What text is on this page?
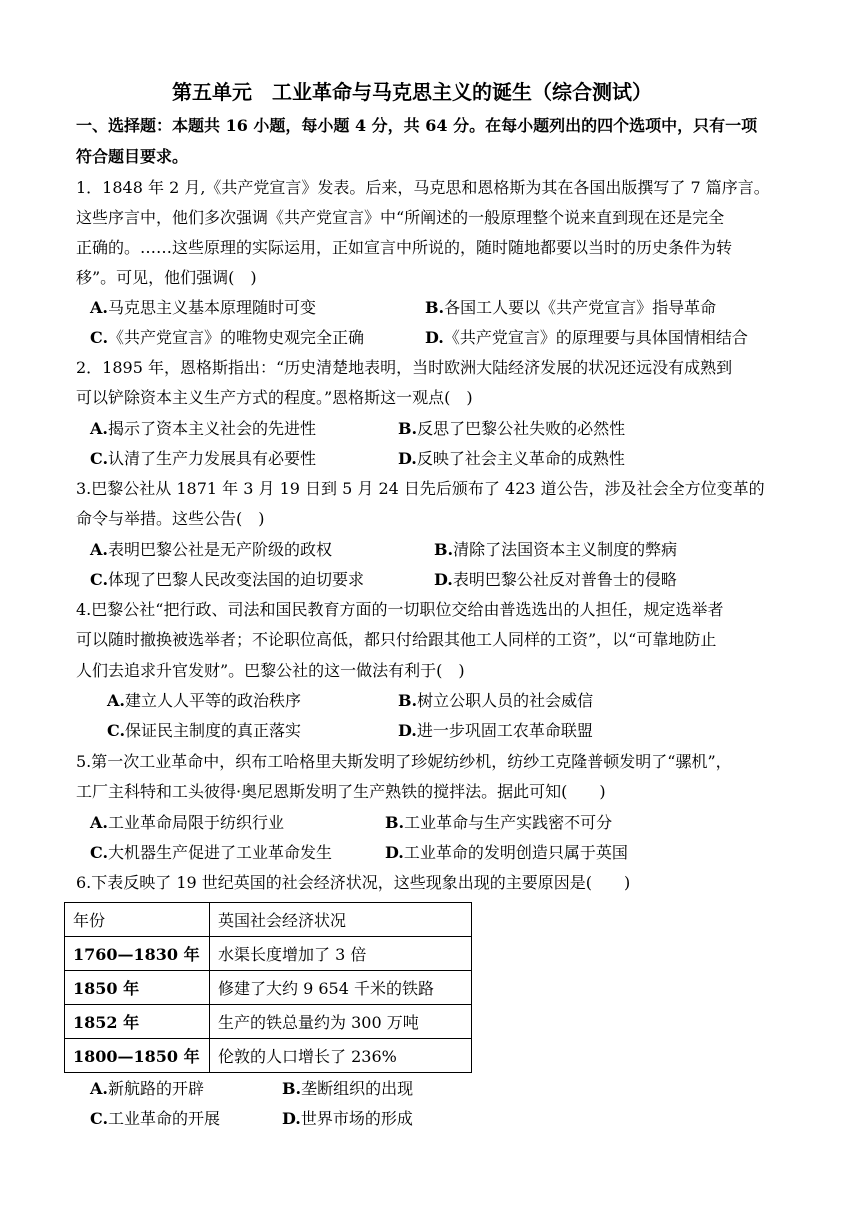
第五单元　工业革命与马克思主义的诞生（综合测试）
一、选择题：本题共 16 小题，每小题 4 分，共 64 分。在每小题列出的四个选项中，只有一项
符合题目要求。
1．1848 年 2 月,《共产党宣言》发表。后来，马克思和恩格斯为其在各国出版撰写了 7 篇序言。
这些序言中，他们多次强调《共产党宣言》中“所阐述的一般原理整个说来直到现在还是完全
正确的。……这些原理的实际运用，正如宣言中所说的，随时随地都要以当时的历史条件为转
移”。可见，他们强调(　)
A.马克思主义基本原理随时可变	B.各国工人要以《共产党宣言》指导革命
C.《共产党宣言》的唯物史观完全正确	D.《共产党宣言》的原理要与具体国情相结合
2．1895 年，恩格斯指出：“历史清楚地表明，当时欧洲大陆经济发展的状况还远没有成熟到
可以铲除资本主义生产方式的程度。”恩格斯这一观点(　)
A.揭示了资本主义社会的先进性	B.反思了巴黎公社失败的必然性
C.认清了生产力发展具有必要性	D.反映了社会主义革命的成熟性
3.巴黎公社从 1871 年 3 月 19 日到 5 月 24 日先后颁布了 423 道公告，涉及社会全方位变革的
命令与举措。这些公告(　)
A.表明巴黎公社是无产阶级的政权	B.清除了法国资本主义制度的弊病
C.体现了巴黎人民改变法国的迫切要求	D.表明巴黎公社反对普鲁士的侵略
4.巴黎公社“把行政、司法和国民教育方面的一切职位交给由普选选出的人担任，规定选举者
可以随时撤换被选举者；不论职位高低，都只付给跟其他工人同样的工资”，以“可靠地防止
人们去追求升官发财”。巴黎公社的这一做法有利于(　)
A.建立人人平等的政治秩序	B.树立公职人员的社会威信
C.保证民主制度的真正落实	D.进一步巩固工农革命联盟
5.第一次工业革命中，织布工哈格里夫斯发明了珍妮纺纱机，纺纱工克隆普顿发明了“骡机”，
工厂主科特和工头彼得·奥尼恩斯发明了生产熟铁的搅拌法。据此可知(　　)
A.工业革命局限于纺织行业	B.工业革命与生产实践密不可分
C.大机器生产促进了工业革命发生	D.工业革命的发明创造只属于英国
6.下表反映了 19 世纪英国的社会经济状况，这些现象出现的主要原因是(　　)
年份	英国社会经济状况
1760—1830 年	水渠长度增加了 3 倍
1850 年	修建了大约 9 654 千米的铁路
1852 年	生产的铁总量约为 300 万吨
1800—1850 年	伦敦的人口增长了 236%
A.新航路的开辟	B.垄断组织的出现
C.工业革命的开展	D.世界市场的形成
